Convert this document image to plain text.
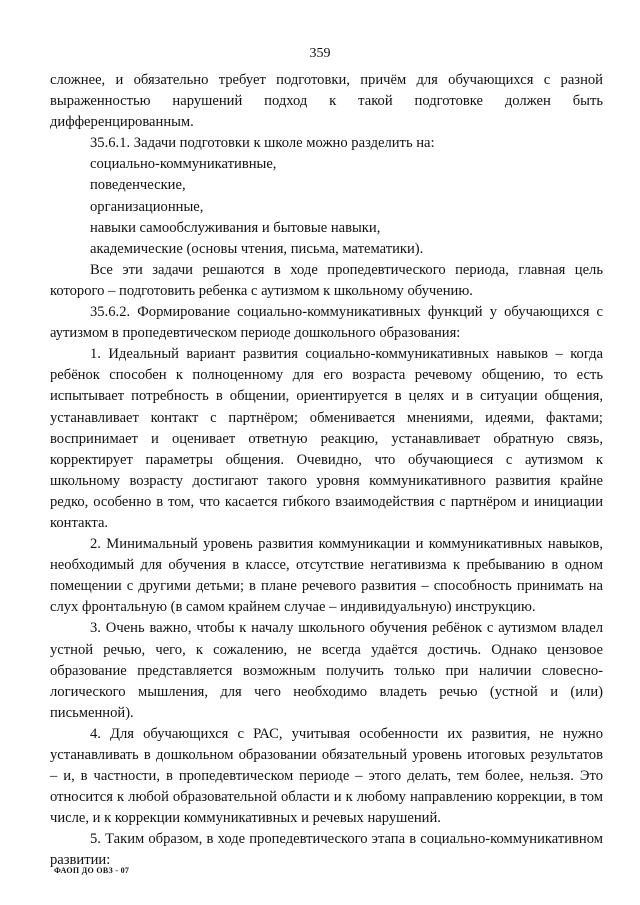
359

сложнее, и обязательно требует подготовки, причём для обучающихся с разной выраженностью нарушений подход к такой подготовке должен быть дифференцированным.

35.6.1. Задачи подготовки к школе можно разделить на:

социально-коммуникативные,

поведенческие,

организационные,

навыки самообслуживания и бытовые навыки,

академические (основы чтения, письма, математики).

Все эти задачи решаются в ходе пропедевтического периода, главная цель которого – подготовить ребенка с аутизмом к школьному обучению.

35.6.2. Формирование социально-коммуникативных функций у обучающихся с аутизмом в пропедевтическом периоде дошкольного образования:

1. Идеальный вариант развития социально-коммуникативных навыков – когда ребёнок способен к полноценному для его возраста речевому общению, то есть испытывает потребность в общении, ориентируется в целях и в ситуации общения, устанавливает контакт с партнёром; обменивается мнениями, идеями, фактами; воспринимает и оценивает ответную реакцию, устанавливает обратную связь, корректирует параметры общения. Очевидно, что обучающиеся с аутизмом к школьному возрасту достигают такого уровня коммуникативного развития крайне редко, особенно в том, что касается гибкого взаимодействия с партнёром и инициации контакта.

2. Минимальный уровень развития коммуникации и коммуникативных навыков, необходимый для обучения в классе, отсутствие негативизма к пребыванию в одном помещении с другими детьми; в плане речевого развития – способность принимать на слух фронтальную (в самом крайнем случае – индивидуальную) инструкцию.

3. Очень важно, чтобы к началу школьного обучения ребёнок с аутизмом владел устной речью, чего, к сожалению, не всегда удаётся достичь. Однако цензовое образование представляется возможным получить только при наличии словесно-логического мышления, для чего необходимо владеть речью (устной и (или) письменной).

4. Для обучающихся с РАС, учитывая особенности их развития, не нужно устанавливать в дошкольном образовании обязательный уровень итоговых результатов – и, в частности, в пропедевтическом периоде – этого делать, тем более, нельзя. Это относится к любой образовательной области и к любому направлению коррекции, в том числе, и к коррекции коммуникативных и речевых нарушений.

5. Таким образом, в ходе пропедевтического этапа в социально-коммуникативном развитии:

ФАОП ДО ОВЗ - 07
